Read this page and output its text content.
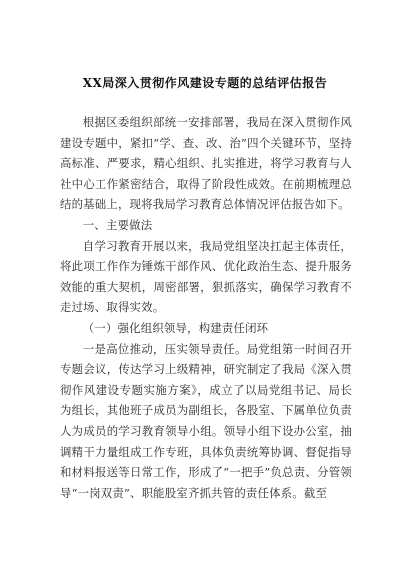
XX局深入贯彻作风建设专题的总结评估报告

根据区委组织部统一安排部署，我局在深入贯彻作风建设专题中，紧扣“学、查、改、治”四个关键环节，坚持高标准、严要求，精心组织、扎实推进，将学习教育与人社中心工作紧密结合，取得了阶段性成效。在前期梳理总结的基础上，现将我局学习教育总体情况评估报告如下。

一、主要做法

自学习教育开展以来，我局党组坚决扛起主体责任，将此项工作作为锤炼干部作风、优化政治生态、提升服务效能的重大契机，周密部署，狠抓落实，确保学习教育不走过场、取得实效。

（一）强化组织领导，构建责任闭环

一是高位推动，压实领导责任。局党组第一时间召开专题会议，传达学习上级精神，研究制定了我局《深入贯彻作风建设专题实施方案》，成立了以局党组书记、局长为组长，其他班子成员为副组长，各股室、下属单位负责人为成员的学习教育领导小组。领导小组下设办公室，抽调精干力量组成工作专班，具体负责统筹协调、督促指导和材料报送等日常工作，形成了“一把手”负总责、分管领导“一岗双责”、职能股室齐抓共管的责任体系。截至
